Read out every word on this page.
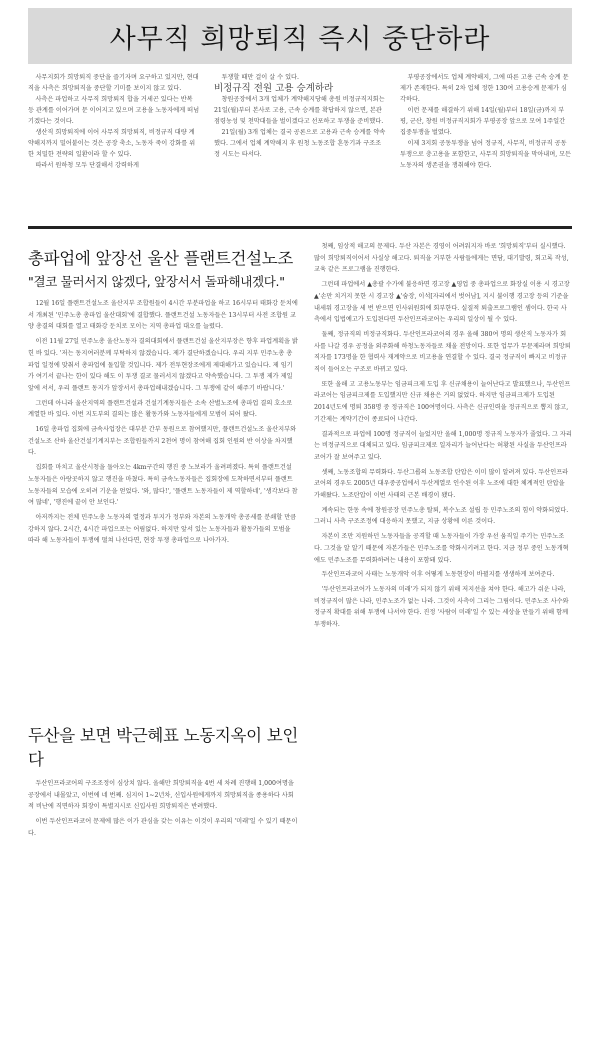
사무직 희망퇴직 즉시 중단하라

사무지회가 희망퇴직 중단을 즐기자며 요구하고 있지만, 현대직을 사측은 희망퇴직을 중단할 기미를 보이지 않고 있다.

사측은 파업하고 사무직 희망퇴직 합을 거세곤 있다는 반복 등 관계를 이어가며 문 이어지고 있으며 고용을 노동자에게 떠넘기겠다는 것이다.

생산직 희망퇴직에 이어 사무직 희망퇴직, 비정규직 대량 계약해지까지 밀어붙이는 것은 공장 축소, 노동자 죽이 강화를 위한 치밀한 전략의 일환이라 할 수 있다.

따라서 원하청 모두 단결해서 강력하게

투쟁할 때만 걸이 살 수 있다.

비정규직 전원 고용 승계하라

창원공장에서 3개 업체가 계약해지당해 총원 비정규직지회는 21일(월)부터 본사로 고용, 근속 승계를 확답하지 않으면, 본관 점령농성 및 천막대들을 벌이겠다고 선포하고 투쟁을 준비했다.

21일(월) 3개 업체는 결국 공론으로 고용과 근속 승계를 약속했다. 그에서 업체 계약해지 후 원청 노동조합 혼동기과 구조조정 시도는 타서다.

부평공장에서도 업체 계약해지, 그에 따른 고용 근속 승계 문제가 존재한다. 특히 2차 업체 정한 130여 고용승계 문제가 심각하다.

이런 문제를 해결하기 위해 14일(월)부터 18일(금)까지 부평, 군산, 창원 비정규직지회가 부평공장 앞으로 모여 1주일간 집중투쟁을 벌였다.

이제 3지회 공동투쟁을 넘어 정규직, 사무직, 비정규직 공동투쟁으로 충고용을 포함한고, 사무직 희망퇴직을 막아내며, 모든 노동자의 생존권을 쟁취해야 한다.

총파업에 앞장선 울산 플랜트건설노조
"결코 물러서지 않겠다, 앞장서서 돌파해내겠다."

12월 16일 플랜트건설노조 울산지부 조합원들이 4시간 부분파업을 하고 16시부터 태화강 둔치에서 개최된 '민주노총 총파업 울산대회'에 결합했다. 플랜트건설 노동자들은 13시부터 사전 조합원 교양 총결의 대회를 열고 태화강 둔치로 모이는 지역 총파업 대오를 늘렸다.

이전 11월 27일 민주노총 울산노동자 결의대회에서 플랜트건설 울산지부장은 향후 파업계획을 밝힌 바 있다. '저는 동지여러분께 부탁하지 않겠습니다. 제가 결단하겠습니다. 우리 지부 민주노총 총파업 일정에 맞춰서 총파업에 돌입할 것입니다. 제가 전투현장조에게 제대해가고 있습니다. 제 임기가 여기서 끝나는 한이 있다 해도 이 투쟁 결코 물러서지 않겠다고 약속했습니다. 그 투쟁 제가 제일 앞에 서서, 우리 플랜트 동지가 앞장서서 총파업해내겠습니다. 그 투쟁에 같이 해주기 바랍니다.'

그런데 아니라 울산지역의 플랜트건설과 건설기계동지들은 소속 산별노조에 총파업 결의 호소로 계열한 바 있다. 이번 지도부의 결의는 많은 활동가와 노동자들에게 모범이 되어 왔다.

16일 총파업 집회에 금속사업장은 대부분 간부 동원으로 참여했지만, 플랜트건설노조 울산지부와 건설노조 산하 울산건설기계지부는 조합원들까지 2천여 명이 참여해 집회 인원의 반 이상을 차지했다.

집회를 마치고 울산시청을 돌아오는 4km구간의 행진 중 노보라가 울려퍼졌다. 특히 플랜트건설 노동자들은 아랑곳하지 않고 행진을 마쳤다. 특히 금속노동자들은 집회장에 도착하면서부터 플랜트 노동자들의 모습에 오히려 기운을 얻었다. '와, 많다!', '플랜트 노동자들이 제 역할하네', '생각보다 참여 많네', '행진에 끝이 안 보인다.'

아저까지는 전체 민주노총 노동자의 열정과 투지가 정부와 자본의 노동개악 총공세를 분쇄할 만큼 강하지 않다. 2시간, 4시간 파업으로는 어림없다. 하지만 앞서 있는 노동자들과 활동가들의 모범을 따라 해 노동자들이 투쟁에 떨쳐 나선다면, 현장 투쟁 총파업으로 나아가자.

두산을 보면 박근혜표 노동지옥이 보인다

두산인프라코어의 구조조정이 심상치 않다. 올해만 희망퇴직을 4번 세 차례 진행해 1,000여명을 공장에서 내몰았고, 이번에 네 번째. 심지어 1~2년차, 신입사원에게까지 희망퇴직을 종용하다 사회적 비난에 직면하자 회장이 특별지시로 신입사원 희망퇴직은 반려했다.

이번 두산인프라코어 문제에 많은 이가 관심을 갖는 이유는 이것이 우리의 '미래'일 수 있기 때문이다.

첫째, 임상적 해고의 문제다. 두산 자본은 경영이 어려워지자 바로 '희망퇴직'부터 실시했다. 많이 희망퇴직이어서 사실상 해고다. 퇴직을 거부한 사람들에게는 면담, 대기발령, 회고록 작성, 교육 같은 프로그램을 진행한다.

그런데 파업에서 ▲총괄 수가에 불응하면 경고장 ▲영업 중 총파업으로 화장실 이용 시 경고장 ▲'손만 치거지 못한 시 경고장 ▲'숨장, 이석[자리에서 벗어남], 지시 불이행 경고장 등의 기준을 내세워 경고장을 세 번 받으면 인사위원회에 회부한다. 실질적 퇴출프로그램인 셈이다. 한국 사측에서 입법예고가 도입된다면 두산인프라코어는 우리의 일상이 될 수 있다.

둘째, 정규직의 비정규직화다. 두산인프라코어의 경우 올해 380여 명의 생산직 노동자가 회사를 나갈 경우 공정을 외주화해 하청노동자들로 채울 전망이다. 또한 업무가 무문제라며 희망퇴직자를 173명을 한 협력사 재계약으로 비고용을 연결할 수 있다. 결국 정규직이 빠지고 비정규직이 들어오는 구조로 바뀌고 있다.

또한 올해 고 고용노동부는 임금피크제 도입 후 신규채용이 늘어난다고 발표했으나, 두산인프라코어는 임금피크제를 도입했지만 신규 채용은 거의 없었다. 하지만 임금피크제가 도입된 2014년도에 명퇴 358명 중 정규직은 100여명이다. 사측은 신규인력을 정규직으로 뽑지 않고, 기간제는 계약기간이 종료되어 나간다.

결과적으로 파업에 100명 정규직이 늘었지만 올해 1,000명 정규직 노동자가 줄었다. 그 자리는 비정규직으로 대체되고 있다. 임금피크제로 일자리가 늘어난다는 허황된 사실을 두산인프라코어가 잘 보여주고 있다.

셋째, 노동조합의 무력화다. 두산그룹의 노동조합 탄압은 이미 많이 알려져 있다. 두산인프라코어의 경우도 2005년 대우중공업에서 두산계열로 인수된 이후 노조에 대한 체계적인 탄압을 가해왔다. 노조탄압이 이번 사태의 근본 배경이 됐다.

계속되는 한동 속에 창원공장 민주노총 탈퇴, 복수노조 설립 등 민주노조의 힘이 약화되었다. 그러니 사측 구조조정에 대응하지 못했고, 지금 상황에 이른 것이다.

자본이 조만 지원하던 노동자들을 공격할 때 노동자들이 가장 우선 움직일 주기는 민주노조다. 그것을 알 알기 때문에 자본가들은 민주노조를 약화시키려고 한다. 지금 정부 중인 노동개혁에도 민주노조를 무력화하려는 내용이 포함돼 있다.

두산인프라코어 사태는 노동개악 이후 어떻게 노동현장이 바뀔지를 생생하게 보여준다.

'두산인프라코어가 노동자의 미래'가 되지 않기 위해 저지선을 쳐야 한다. 해고가 쉬운 나라, 비정규직이 많은 나라, 민주노조가 없는 나라. 그것이 사측이 그리는 그림이다. 민주노조 사수와 정규직 확대를 위해 투쟁에 나서야 한다. 진정 '사람이 미래'일 수 있는 세상을 만들기 위해 함께 투쟁하자.
